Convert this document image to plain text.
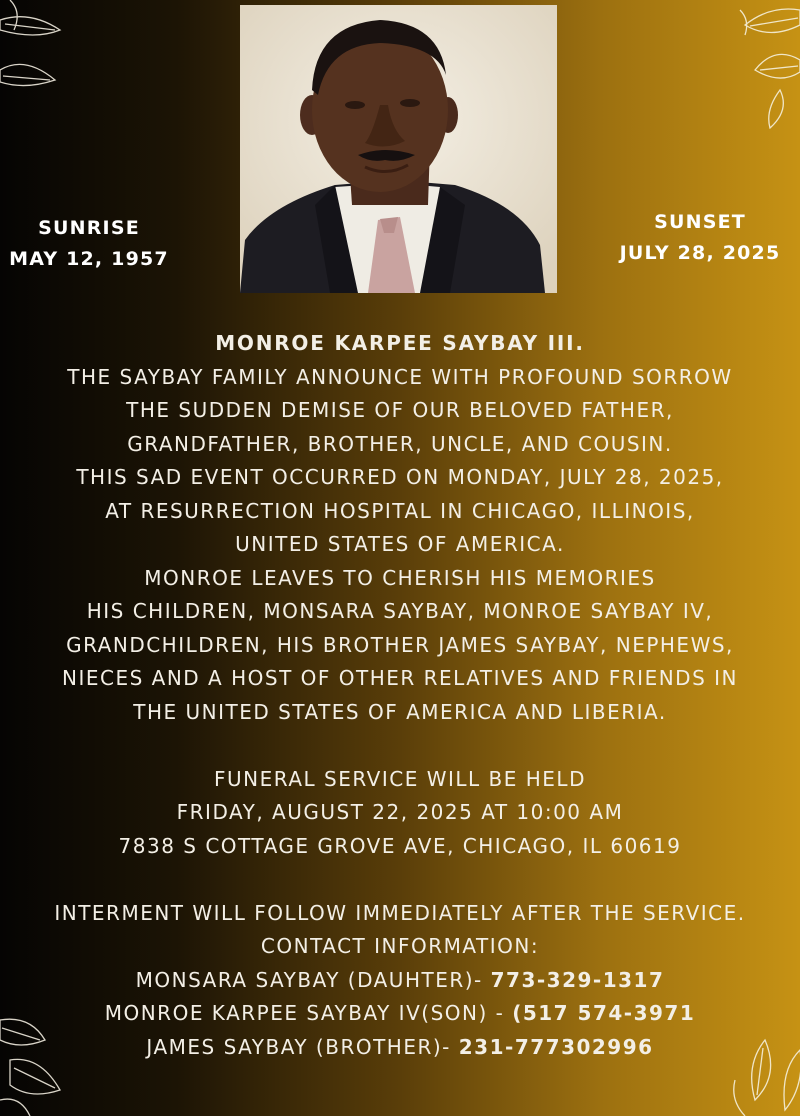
SUNRISE
MAY 12, 1957
SUNSET
JULY 28, 2025
MONROE KARPEE SAYBAY III.
THE SAYBAY FAMILY ANNOUNCE WITH PROFOUND SORROW
THE SUDDEN DEMISE OF OUR BELOVED FATHER,
GRANDFATHER, BROTHER, UNCLE, AND COUSIN.
THIS SAD EVENT OCCURRED ON MONDAY, JULY 28, 2025,
AT RESURRECTION HOSPITAL IN CHICAGO, ILLINOIS,
UNITED STATES OF AMERICA.
MONROE LEAVES TO CHERISH HIS MEMORIES
HIS CHILDREN, MONSARA SAYBAY, MONROE SAYBAY IV,
GRANDCHILDREN, HIS BROTHER JAMES SAYBAY, NEPHEWS,
NIECES AND A HOST OF OTHER RELATIVES AND FRIENDS IN
THE UNITED STATES OF AMERICA AND LIBERIA.
FUNERAL SERVICE WILL BE HELD
FRIDAY, AUGUST 22, 2025 AT 10:00 AM
7838 S COTTAGE GROVE AVE, CHICAGO, IL 60619
INTERMENT WILL FOLLOW IMMEDIATELY AFTER THE SERVICE.
CONTACT INFORMATION:
MONSARA SAYBAY (DAUHTER)- 773-329-1317
MONROE KARPEE SAYBAY IV(SON) - (517 574-3971
JAMES SAYBAY (BROTHER)- 231-777302996
